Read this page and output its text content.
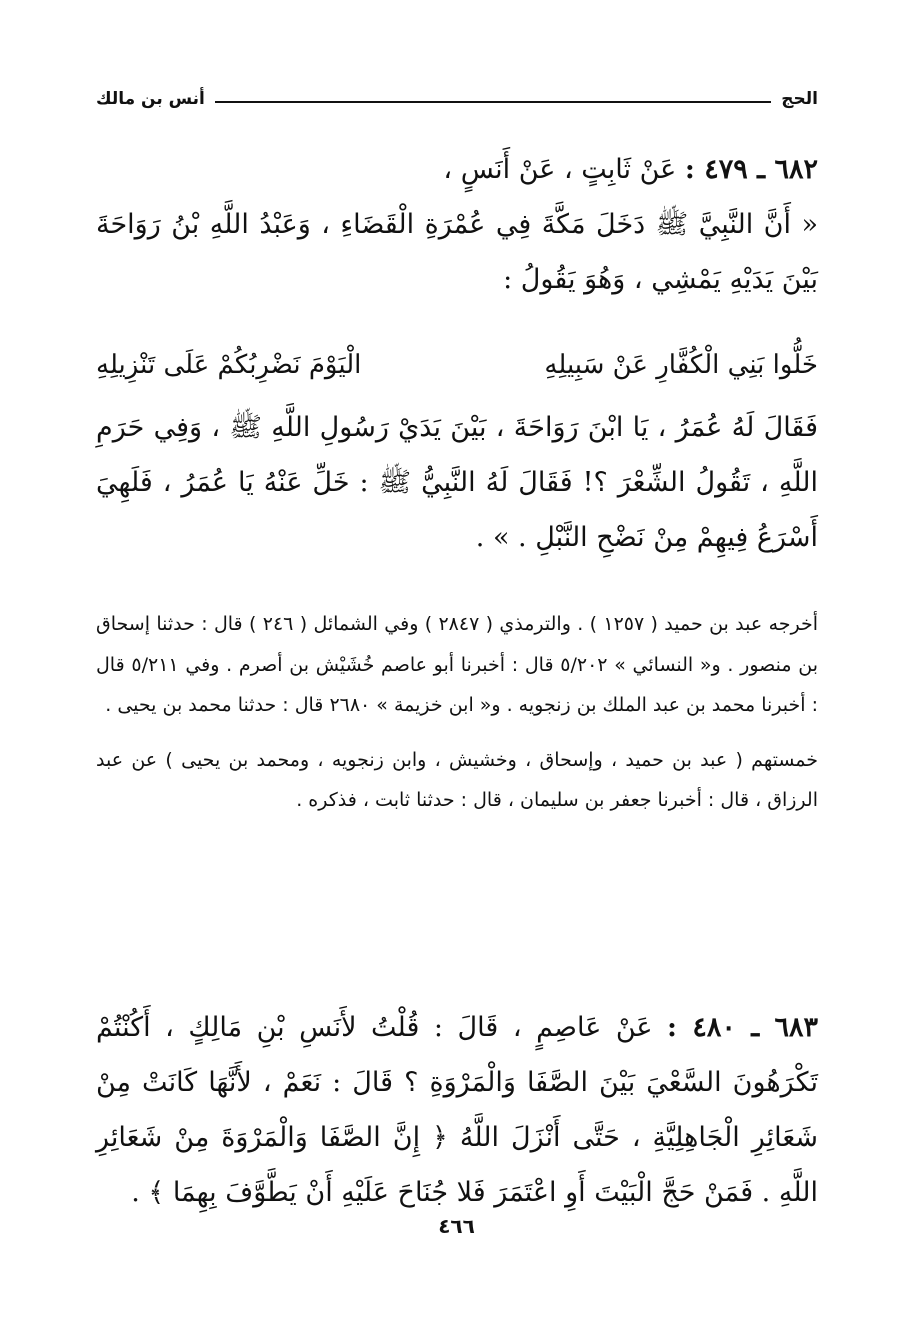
الحج
أنس بن مالك

٦٨٢ ـ ٤٧٩ : عَنْ ثَابِتٍ ، عَنْ أَنَسٍ ،

« أَنَّ النَّبِيَّ ﷺ دَخَلَ مَكَّةَ فِي عُمْرَةِ الْقَضَاءِ ، وَعَبْدُ اللَّهِ بْنُ رَوَاحَةَ بَيْنَ يَدَيْهِ يَمْشِي ، وَهُوَ يَقُولُ :

خَلُّوا بَنِي الْكُفَّارِ عَنْ سَبِيلِهِ
الْيَوْمَ نَضْرِبُكُمْ عَلَى تَنْزِيلِهِ

فَقَالَ لَهُ عُمَرُ ، يَا ابْنَ رَوَاحَةَ ، بَيْنَ يَدَيْ رَسُولِ اللَّهِ ﷺ ، وَفِي حَرَمِ اللَّهِ ، تَقُولُ الشِّعْرَ ؟! فَقَالَ لَهُ النَّبِيُّ ﷺ : خَلِّ عَنْهُ يَا عُمَرُ ، فَلَهِيَ أَسْرَعُ فِيهِمْ مِنْ نَضْحِ النَّبْلِ . » .

أخرجه عبد بن حميد ( ١٢٥٧ ) . والترمذي ( ٢٨٤٧ ) وفي الشمائل ( ٢٤٦ ) قال : حدثنا إسحاق بن منصور . و« النسائي » ٥/٢٠٢ قال : أخبرنا أبو عاصم خُشَيْش بن أصرم . وفي ٥/٢١١ قال : أخبرنا محمد بن عبد الملك بن زنجويه . و« ابن خزيمة » ٢٦٨٠ قال : حدثنا محمد بن يحيى .

خمستهم ( عبد بن حميد ، وإسحاق ، وخشيش ، وابن زنجويه ، ومحمد بن يحيى ) عن عبد الرزاق ، قال : أخبرنا جعفر بن سليمان ، قال : حدثنا ثابت ، فذكره .

٦٨٣ ـ ٤٨٠ : عَنْ عَاصِمٍ ، قَالَ : قُلْتُ لأَنَسِ بْنِ مَالِكٍ ، أَكُنْتُمْ تَكْرَهُونَ السَّعْيَ بَيْنَ الصَّفَا وَالْمَرْوَةِ ؟ قَالَ : نَعَمْ ، لأَنَّهَا كَانَتْ مِنْ شَعَائِرِ الْجَاهِلِيَّةِ ، حَتَّى أَنْزَلَ اللَّهُ ﴿ إِنَّ الصَّفَا وَالْمَرْوَةَ مِنْ شَعَائِرِ اللَّهِ . فَمَنْ حَجَّ الْبَيْتَ أَوِ اعْتَمَرَ فَلا جُنَاحَ عَلَيْهِ أَنْ يَطَّوَّفَ بِهِمَا ﴾ .

٤٦٦
